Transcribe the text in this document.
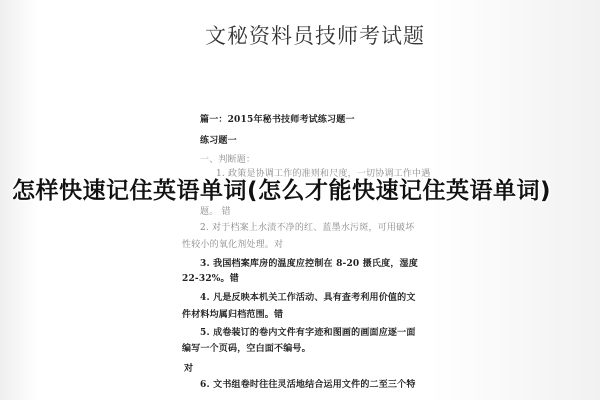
文秘资料员技师考试题
篇一：2015年秘书技师考试练习题一
练习题一
一、判断题：
1. 政策是协调工作的准则和尺度，一切协调工作中遇
题。 错
2. 对于档案上水渍不净的红、蓝墨水污斑，可用破坏
性较小的氧化剂处理。对
3. 我国档案库房的温度应控制在 8-20 摄氏度，湿度
22-32%。错
4. 凡是反映本机关工作活动、具有查考利用价值的文
件材料均属归档范围。错
5. 成卷装订的卷内文件有字迹和图画的画面应逐一面
编写一个页码，空白面不编号。
对
6. 文书组卷时往往灵活地结合运用文件的二至三个特
怎样快速记住英语单词(怎么才能快速记住英语单词)
